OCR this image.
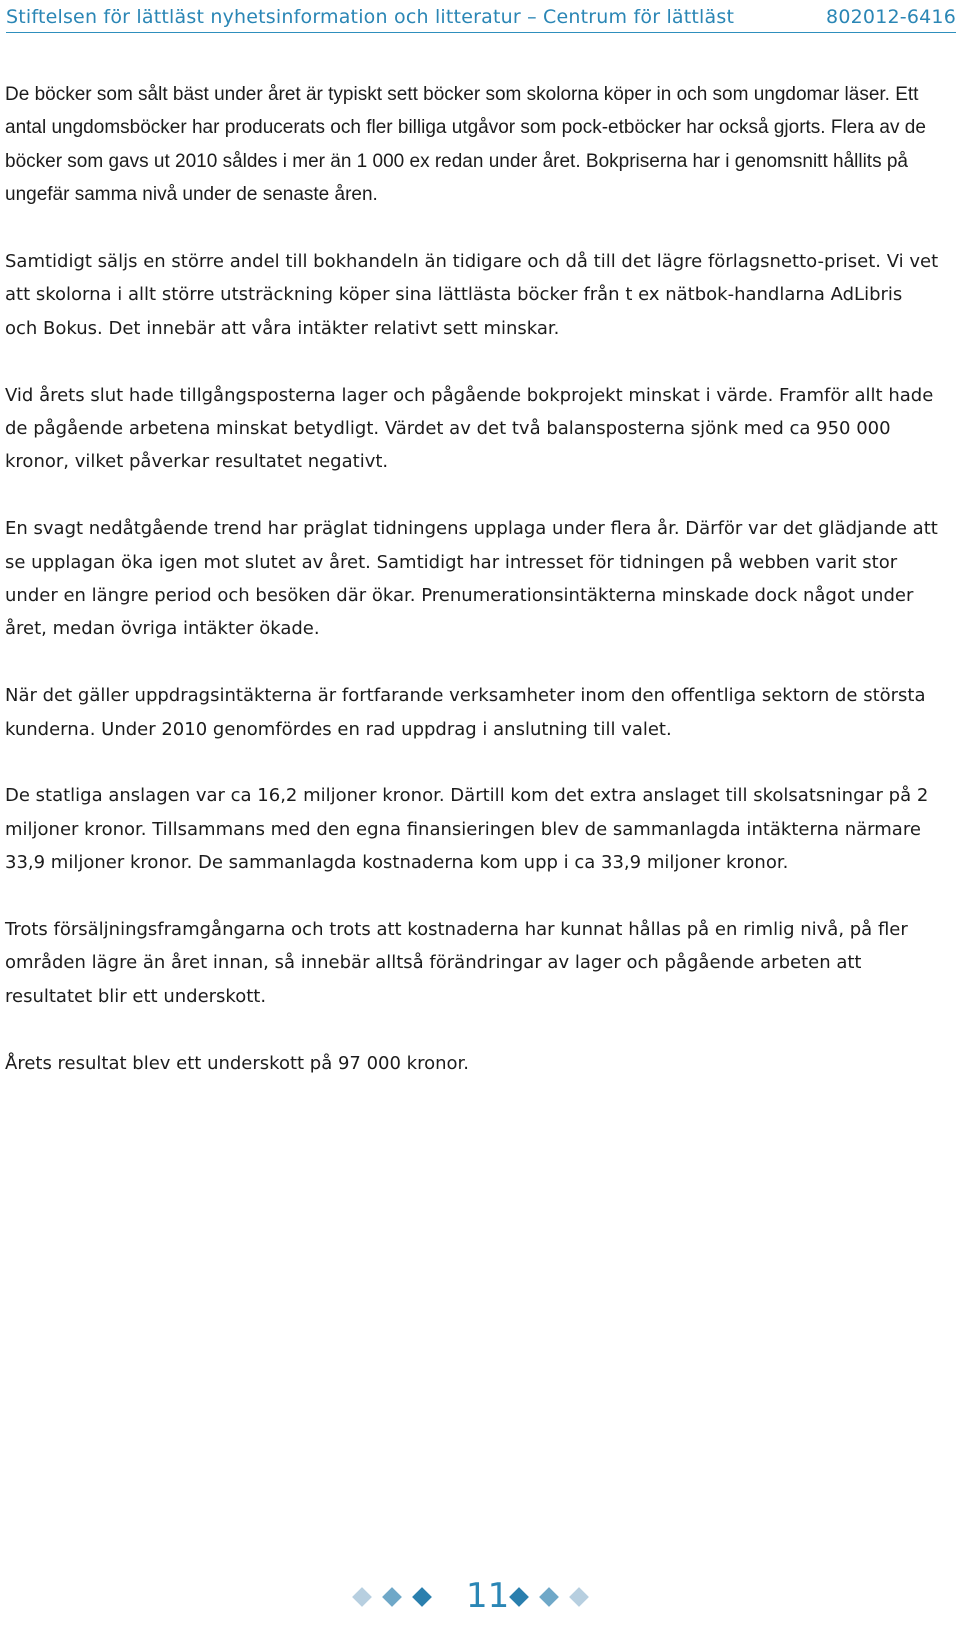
Stiftelsen för lättläst nyhetsinformation och litteratur – Centrum för lättläst	802012-6416

De böcker som sålt bäst under året är typiskt sett böcker som skolorna köper in och som ungdomar läser. Ett antal ungdomsböcker har producerats och fler billiga utgåvor som pock-etböcker har också gjorts. Flera av de böcker som gavs ut 2010 såldes i mer än 1 000 ex redan under året. Bokpriserna har i genomsnitt hållits på ungefär samma nivå under de senaste åren.

Samtidigt säljs en större andel till bokhandeln än tidigare och då till det lägre förlagsnetto-priset. Vi vet att skolorna i allt större utsträckning köper sina lättlästa böcker från t ex nätbok-handlarna AdLibris och Bokus. Det innebär att våra intäkter relativt sett minskar.

Vid årets slut hade tillgångsposterna lager och pågående bokprojekt minskat i värde. Framför allt hade de pågående arbetena minskat betydligt. Värdet av det två balansposterna sjönk med ca 950 000 kronor, vilket påverkar resultatet negativt.

En svagt nedåtgående trend har präglat tidningens upplaga under flera år. Därför var det glädjande att se upplagan öka igen mot slutet av året. Samtidigt har intresset för tidningen på webben varit stor under en längre period och besöken där ökar. Prenumerationsintäkterna minskade dock något under året, medan övriga intäkter ökade.

När det gäller uppdragsintäkterna är fortfarande verksamheter inom den offentliga sektorn de största kunderna. Under 2010 genomfördes en rad uppdrag i anslutning till valet.

De statliga anslagen var ca 16,2 miljoner kronor. Därtill kom det extra anslaget till skolsatsningar på 2 miljoner kronor. Tillsammans med den egna finansieringen blev de sammanlagda intäkterna närmare 33,9 miljoner kronor. De sammanlagda kostnaderna kom upp i ca 33,9 miljoner kronor.

Trots försäljningsframgångarna och trots att kostnaderna har kunnat hållas på en rimlig nivå, på fler områden lägre än året innan, så innebär alltså förändringar av lager och pågående arbeten att resultatet blir ett underskott.

Årets resultat blev ett underskott på 97 000 kronor.

11
